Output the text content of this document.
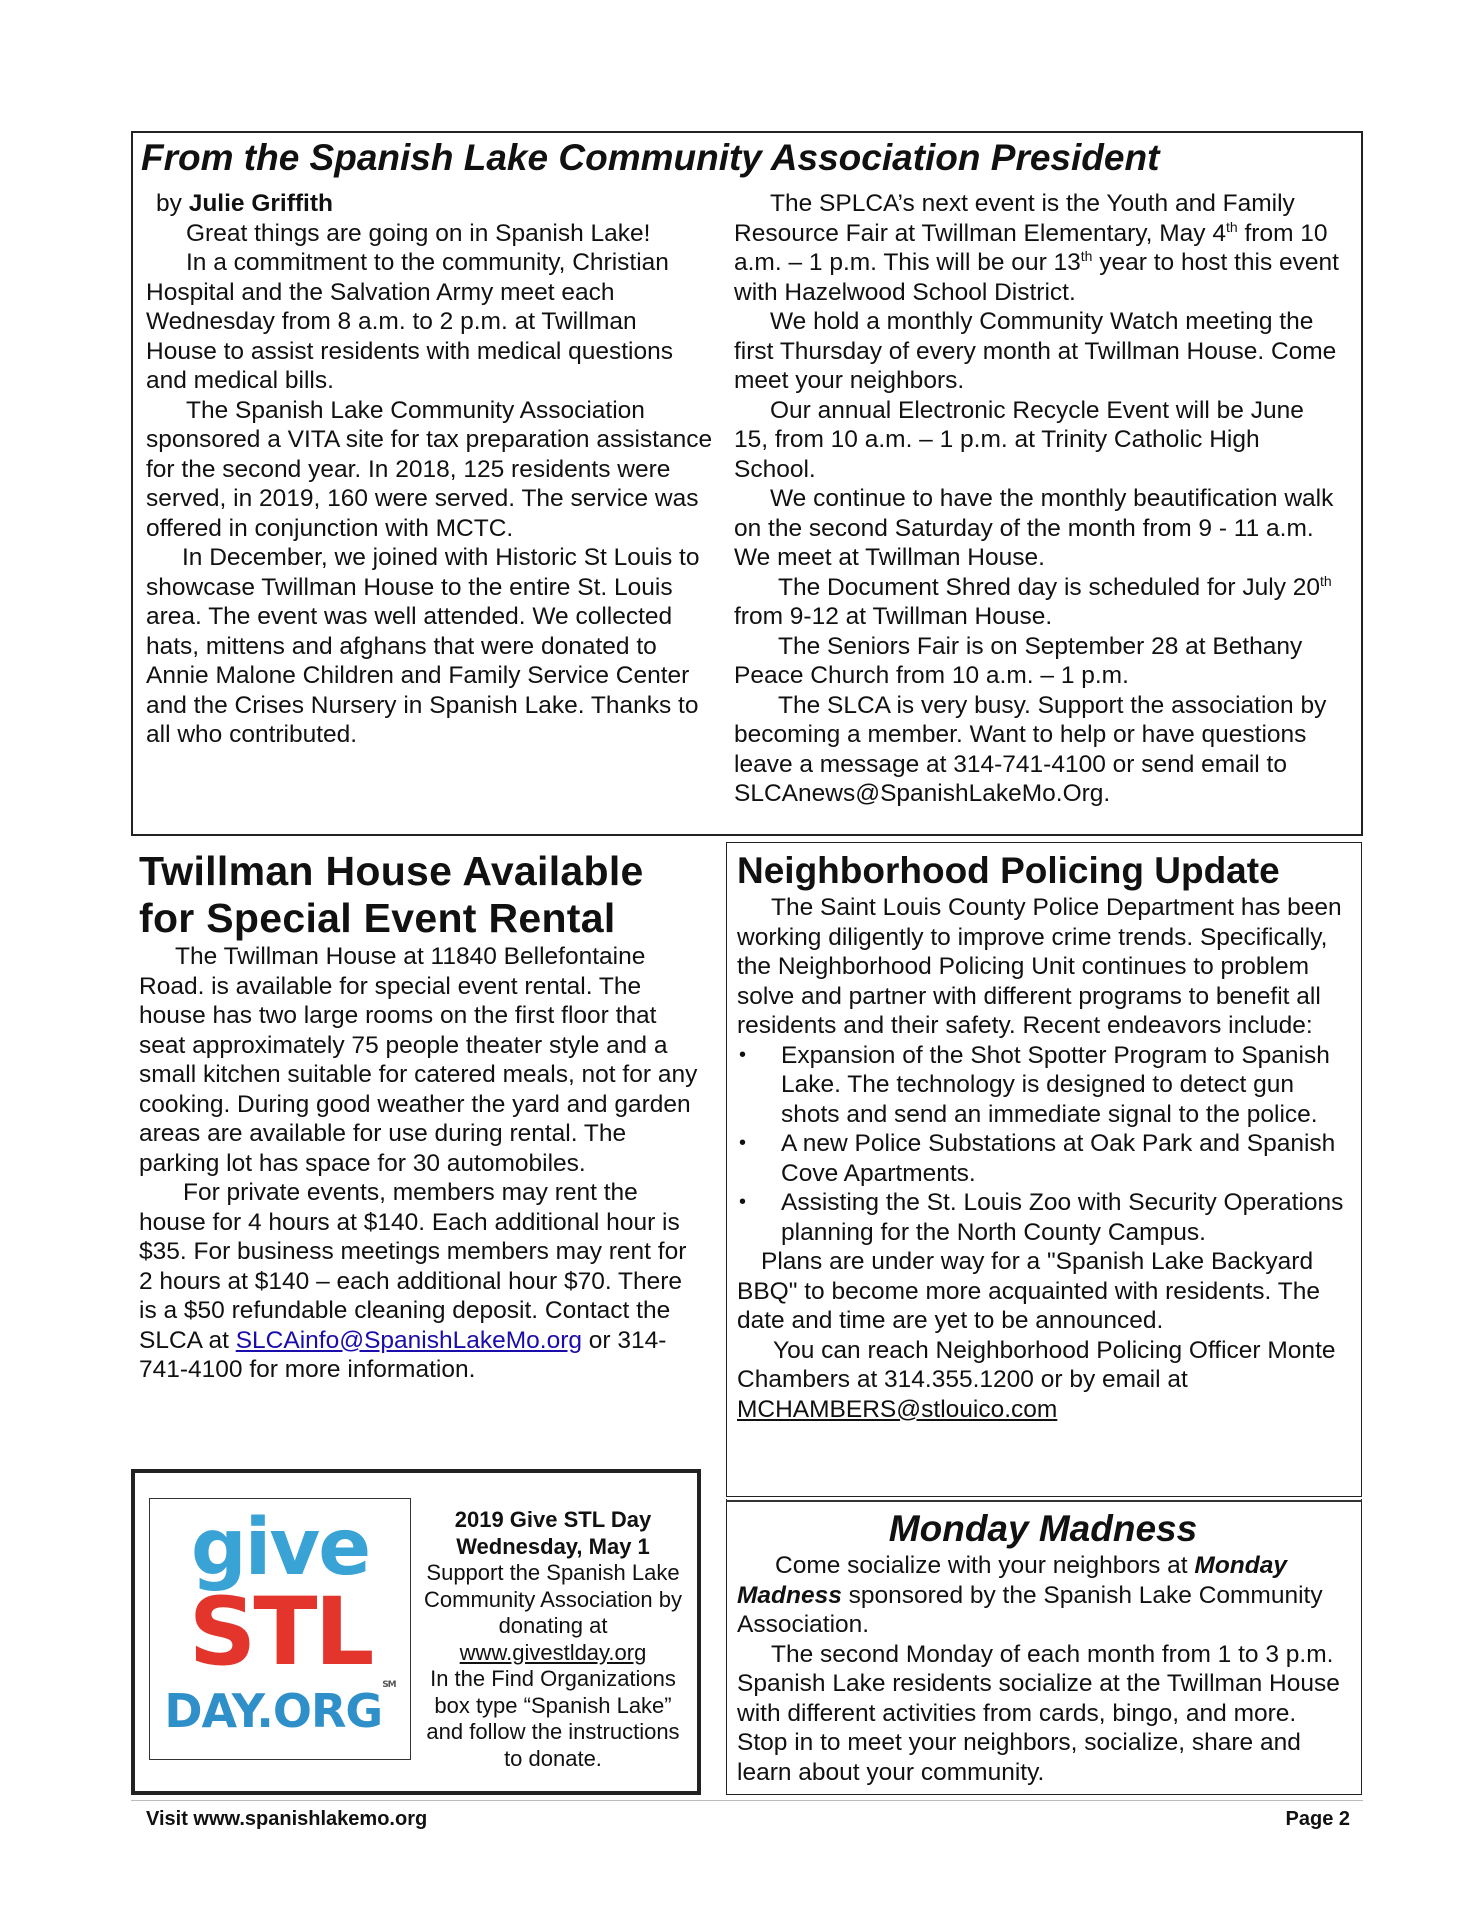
From the Spanish Lake Community Association President

by Julie Griffith

Great things are going on in Spanish Lake!

In a commitment to the community, Christian Hospital and the Salvation Army meet each Wednesday from 8 a.m. to 2 p.m. at Twillman House to assist residents with medical questions and medical bills.

The Spanish Lake Community Association sponsored a VITA site for tax preparation assistance for the second year. In 2018, 125 residents were served, in 2019, 160 were served. The service was offered in conjunction with MCTC.

In December, we joined with Historic St Louis to showcase Twillman House to the entire St. Louis area. The event was well attended. We collected hats, mittens and afghans that were donated to Annie Malone Children and Family Service Center and the Crises Nursery in Spanish Lake. Thanks to all who contributed.

The SPLCA’s next event is the Youth and Family Resource Fair at Twillman Elementary, May 4th from 10 a.m. – 1 p.m. This will be our 13th year to host this event with Hazelwood School District.

We hold a monthly Community Watch meeting the first Thursday of every month at Twillman House. Come meet your neighbors.

Our annual Electronic Recycle Event will be June 15, from 10 a.m. – 1 p.m. at Trinity Catholic High School.

We continue to have the monthly beautification walk on the second Saturday of the month from 9 - 11 a.m. We meet at Twillman House.

The Document Shred day is scheduled for July 20th from 9-12 at Twillman House.

The Seniors Fair is on September 28 at Bethany Peace Church from 10 a.m. – 1 p.m.

The SLCA is very busy. Support the association by becoming a member. Want to help or have questions leave a message at 314-741-4100 or send email to SLCAnews@SpanishLakeMo.Org.

Twillman House Available
for Special Event Rental

The Twillman House at 11840 Bellefontaine Road. is available for special event rental. The house has two large rooms on the first floor that seat approximately 75 people theater style and a small kitchen suitable for catered meals, not for any cooking. During good weather the yard and garden areas are available for use during rental. The parking lot has space for 30 automobiles.

For private events, members may rent the house for 4 hours at $140. Each additional hour is $35. For business meetings members may rent for 2 hours at $140 – each additional hour $70. There is a $50 refundable cleaning deposit. Contact the SLCA at SLCAinfo@SpanishLakeMo.org or 314-741-4100 for more information.

give
STL
DAY.ORG℠
2019 Give STL Day
Wednesday, May 1
Support the Spanish Lake Community Association by donating at
www.givestlday.org
In the Find Organizations box type “Spanish Lake” and follow the instructions to donate.
Neighborhood Policing Update

The Saint Louis County Police Department has been working diligently to improve crime trends. Specifically, the Neighborhood Policing Unit continues to problem solve and partner with different programs to benefit all residents and their safety. Recent endeavors include:

• Expansion of the Shot Spotter Program to Spanish Lake. The technology is designed to detect gun shots and send an immediate signal to the police.
• A new Police Substations at Oak Park and Spanish Cove Apartments.
• Assisting the St. Louis Zoo with Security Operations planning for the North County Campus.

Plans are under way for a "Spanish Lake Backyard BBQ" to become more acquainted with residents. The date and time are yet to be announced.

You can reach Neighborhood Policing Officer Monte Chambers at 314.355.1200 or by email at

MCHAMBERS@stlouico.com

Monday Madness

Come socialize with your neighbors at Monday Madness sponsored by the Spanish Lake Community Association.

The second Monday of each month from 1 to 3 p.m. Spanish Lake residents socialize at the Twillman House with different activities from cards, bingo, and more. Stop in to meet your neighbors, socialize, share and learn about your community.

Visit www.spanishlakemo.org	Page 2
